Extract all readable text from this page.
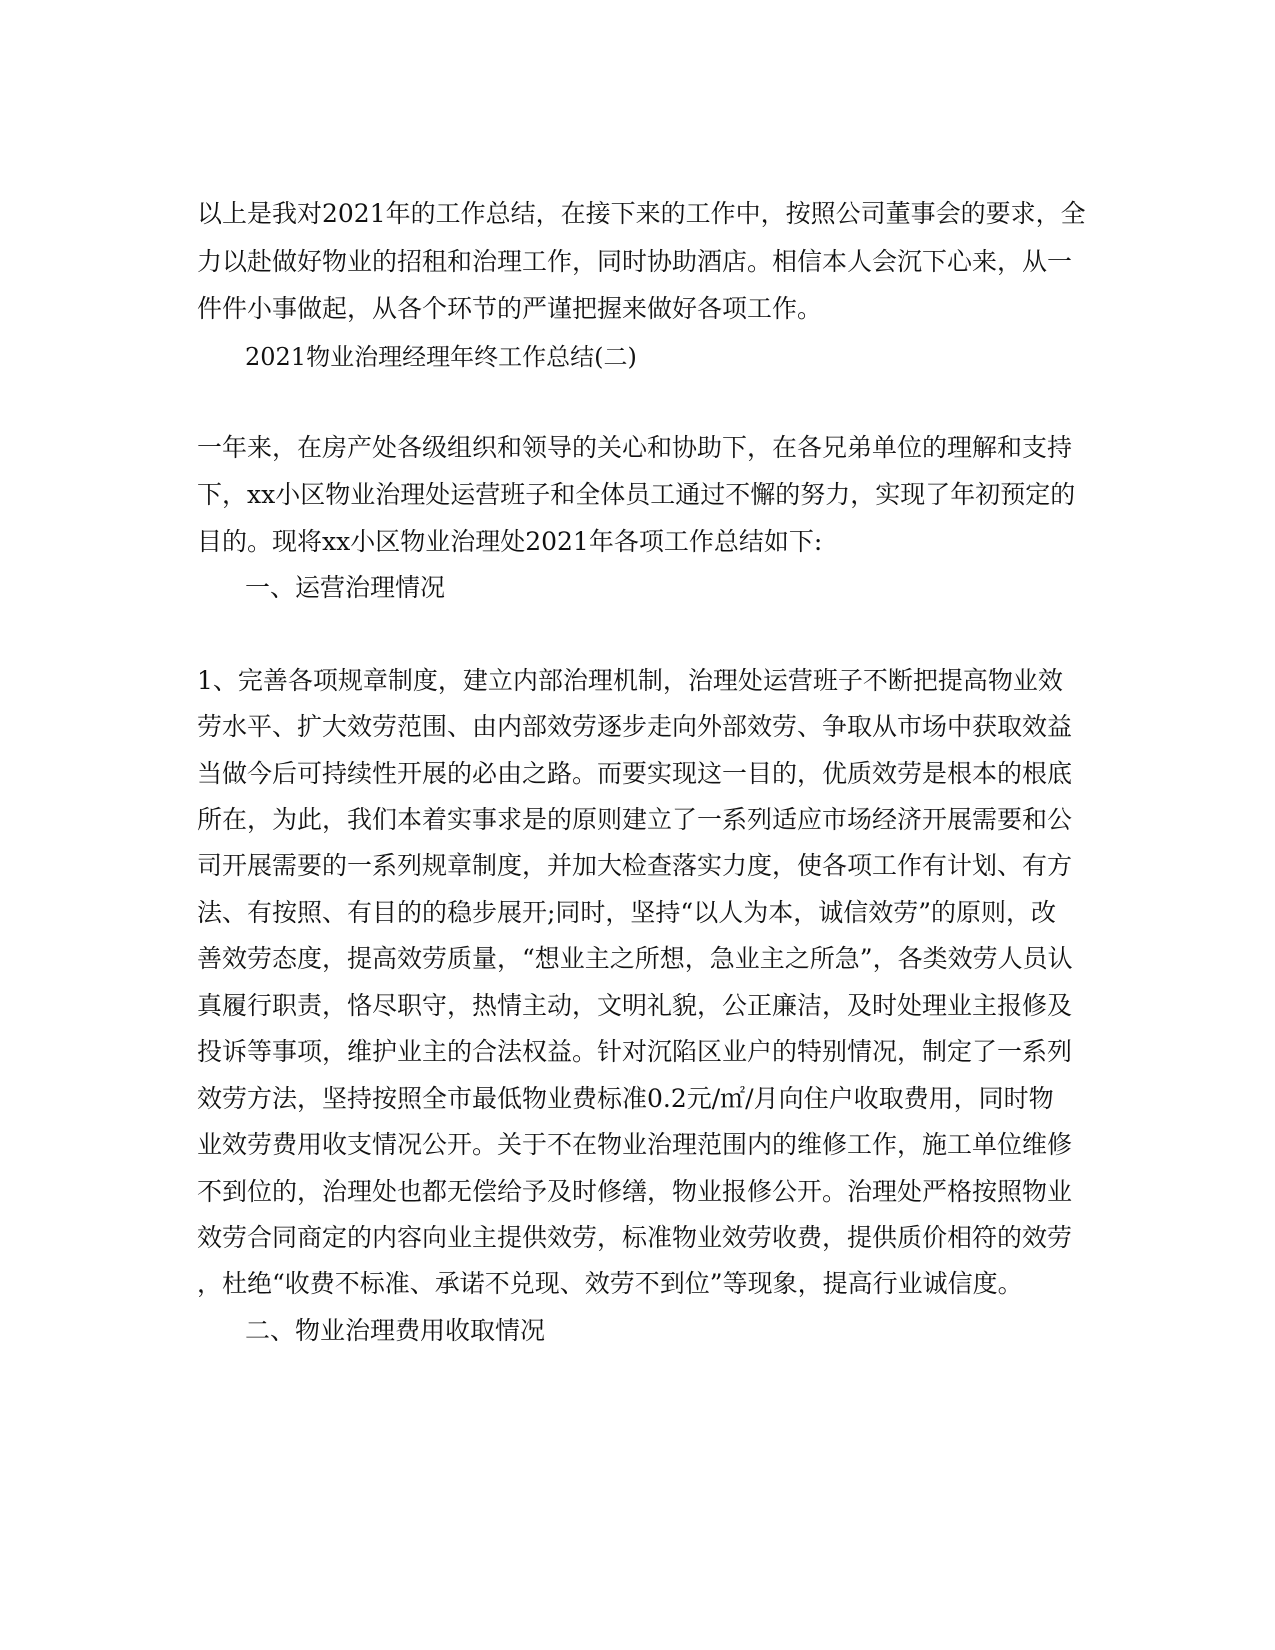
以上是我对2021年的工作总结，在接下来的工作中，按照公司董事会的要求，全
力以赴做好物业的招租和治理工作，同时协助酒店。相信本人会沉下心来，从一
件件小事做起，从各个环节的严谨把握来做好各项工作。
2021物业治理经理年终工作总结(二)
一年来，在房产处各级组织和领导的关心和协助下，在各兄弟单位的理解和支持
下，xx小区物业治理处运营班子和全体员工通过不懈的努力，实现了年初预定的
目的。现将xx小区物业治理处2021年各项工作总结如下:
一、运营治理情况
1、完善各项规章制度，建立内部治理机制，治理处运营班子不断把提高物业效
劳水平、扩大效劳范围、由内部效劳逐步走向外部效劳、争取从市场中获取效益
当做今后可持续性开展的必由之路。而要实现这一目的，优质效劳是根本的根底
所在，为此，我们本着实事求是的原则建立了一系列适应市场经济开展需要和公
司开展需要的一系列规章制度，并加大检查落实力度，使各项工作有计划、有方
法、有按照、有目的的稳步展开;同时，坚持“以人为本，诚信效劳”的原则，改
善效劳态度，提高效劳质量，“想业主之所想，急业主之所急”，各类效劳人员认
真履行职责，恪尽职守，热情主动，文明礼貌，公正廉洁，及时处理业主报修及
投诉等事项，维护业主的合法权益。针对沉陷区业户的特别情况，制定了一系列
效劳方法，坚持按照全市最低物业费标准0.2元/㎡/月向住户收取费用，同时物
业效劳费用收支情况公开。关于不在物业治理范围内的维修工作，施工单位维修
不到位的，治理处也都无偿给予及时修缮，物业报修公开。治理处严格按照物业
效劳合同商定的内容向业主提供效劳，标准物业效劳收费，提供质价相符的效劳
，杜绝“收费不标准、承诺不兑现、效劳不到位”等现象，提高行业诚信度。
二、物业治理费用收取情况
